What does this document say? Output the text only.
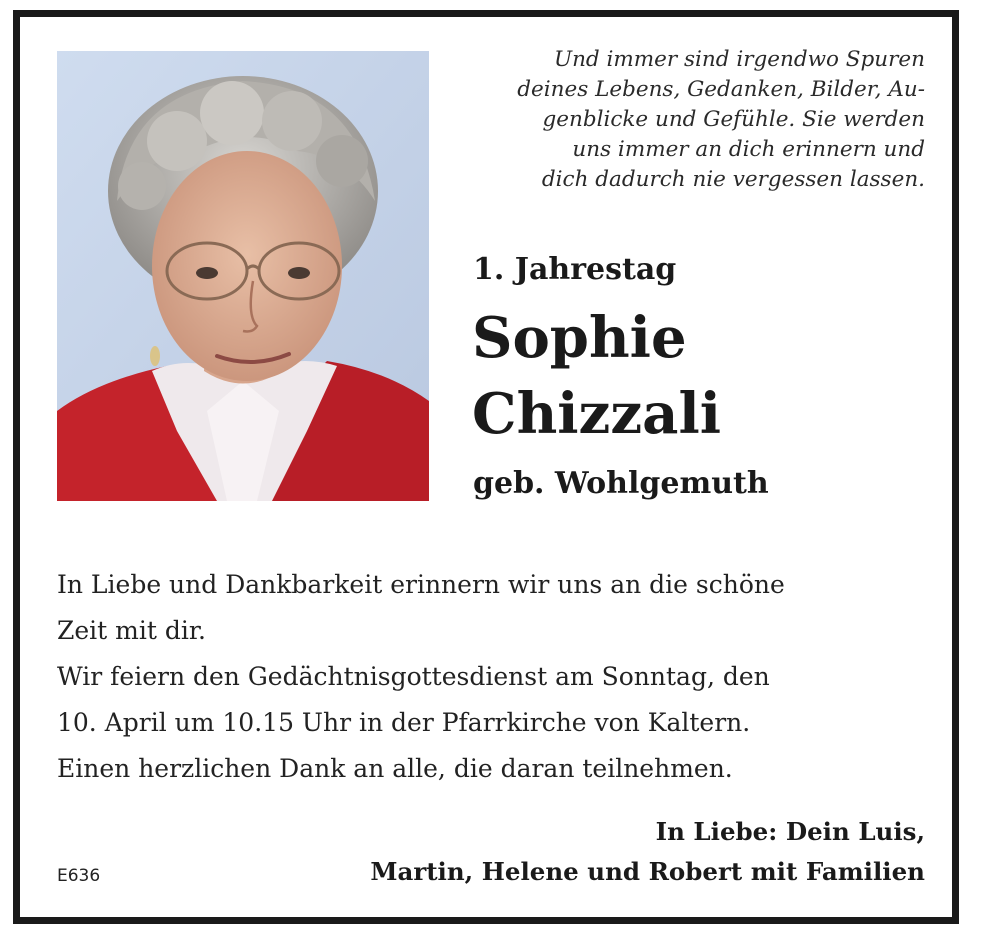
Und immer sind irgendwo Spuren
deines Lebens, Gedanken, Bilder, Au-
genblicke und Gefühle. Sie werden
uns immer an dich erinnern und
dich dadurch nie vergessen lassen.
1. Jahrestag
Sophie
Chizzali
geb. Wohlgemuth
In Liebe und Dankbarkeit erinnern wir uns an die schöne
Zeit mit dir.
Wir feiern den Gedächtnisgottesdienst am Sonntag, den
10. April um 10.15 Uhr in der Pfarrkirche von Kaltern.
Einen herzlichen Dank an alle, die daran teilnehmen.
In Liebe: Dein Luis,
Martin, Helene und Robert mit Familien
E636
